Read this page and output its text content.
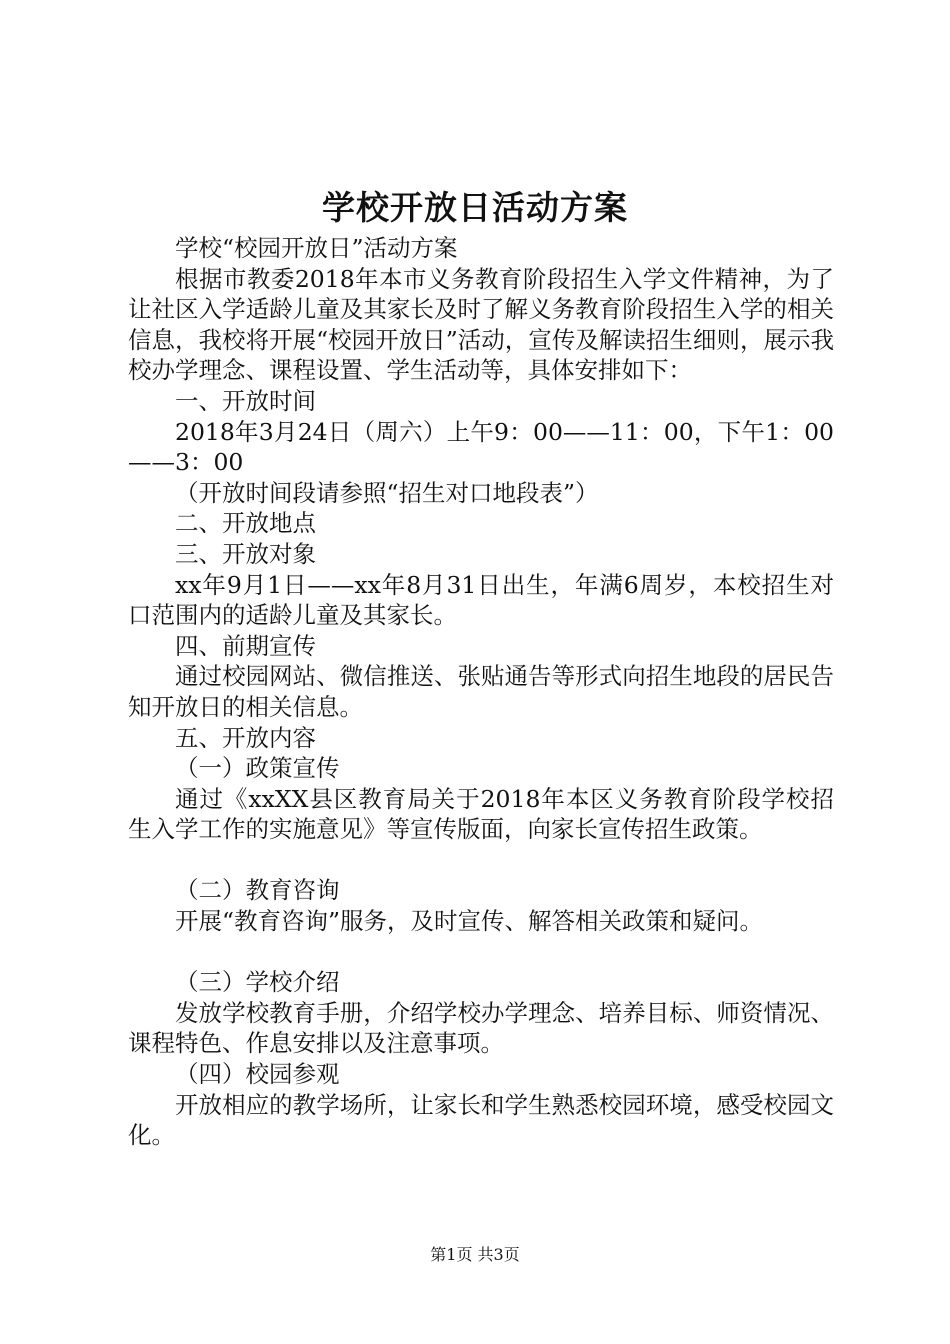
学校开放日活动方案

学校“校园开放日”活动方案

根据市教委2018年本市义务教育阶段招生入学文件精神，为了让社区入学适龄儿童及其家长及时了解义务教育阶段招生入学的相关信息，我校将开展“校园开放日”活动，宣传及解读招生细则，展示我校办学理念、课程设置、学生活动等，具体安排如下：

一、开放时间

2018年3月24日（周六）上午9：00——11：00，下午1：00——3：00

（开放时间段请参照“招生对口地段表”）

二、开放地点

三、开放对象

xx年9月1日——xx年8月31日出生，年满6周岁，本校招生对口范围内的适龄儿童及其家长。

四、前期宣传

通过校园网站、微信推送、张贴通告等形式向招生地段的居民告知开放日的相关信息。

五、开放内容

（一）政策宣传

通过《xxXX县区教育局关于2018年本区义务教育阶段学校招生入学工作的实施意见》等宣传版面，向家长宣传招生政策。

（二）教育咨询

开展“教育咨询”服务，及时宣传、解答相关政策和疑问。

（三）学校介绍

发放学校教育手册，介绍学校办学理念、培养目标、师资情况、课程特色、作息安排以及注意事项。

（四）校园参观

开放相应的教学场所，让家长和学生熟悉校园环境，感受校园文化。

第1页 共3页
